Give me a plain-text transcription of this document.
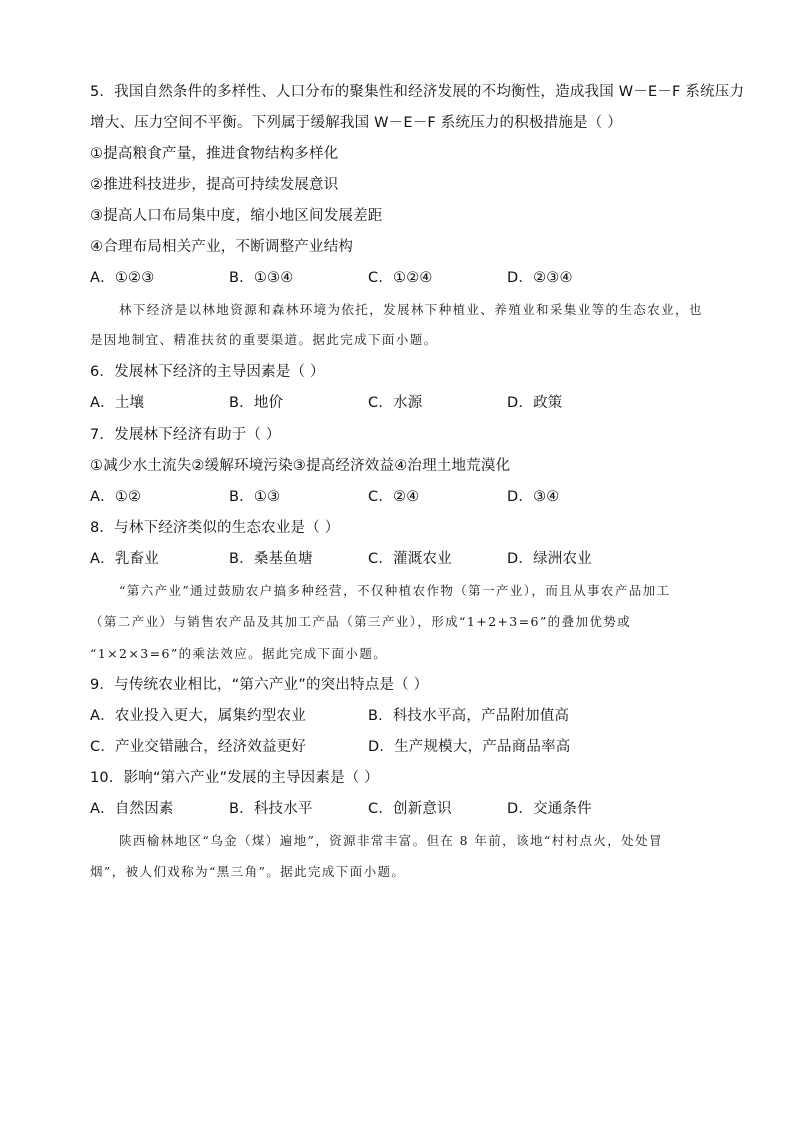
5．我国自然条件的多样性、人口分布的聚集性和经济发展的不均衡性，造成我国 W－E－F 系统压力
增大、压力空间不平衡。下列属于缓解我国 W－E－F 系统压力的积极措施是（ ）
①提高粮食产量，推进食物结构多样化
②推进科技进步，提高可持续发展意识
③提高人口布局集中度，缩小地区间发展差距
④合理布局相关产业，不断调整产业结构
A．①②③	B．①③④	C．①②④	D．②③④
林下经济是以林地资源和森林环境为依托，发展林下种植业、养殖业和采集业等的生态农业，也
是因地制宜、精准扶贫的重要渠道。据此完成下面小题。
6．发展林下经济的主导因素是（ ）
A．土壤	B．地价	C．水源	D．政策
7．发展林下经济有助于（ ）
①减少水土流失②缓解环境污染③提高经济效益④治理土地荒漠化
A．①②	B．①③	C．②④	D．③④
8．与林下经济类似的生态农业是（ ）
A．乳畜业	B．桑基鱼塘	C．灌溉农业	D．绿洲农业
“第六产业”通过鼓励农户搞多种经营，不仅种植农作物（第一产业），而且从事农产品加工
（第二产业）与销售农产品及其加工产品（第三产业），形成“1+2+3=6”的叠加优势或
“1×2×3=6”的乘法效应。据此完成下面小题。
9．与传统农业相比，“第六产业”的突出特点是（ ）
A．农业投入更大，属集约型农业	B．科技水平高，产品附加值高
C．产业交错融合，经济效益更好	D．生产规模大，产品商品率高
10．影响“第六产业”发展的主导因素是（ ）
A．自然因素	B．科技水平	C．创新意识	D．交通条件
陕西榆林地区“乌金（煤）遍地”，资源非常丰富。但在 8 年前，该地“村村点火，处处冒
烟”，被人们戏称为“黑三角”。据此完成下面小题。
